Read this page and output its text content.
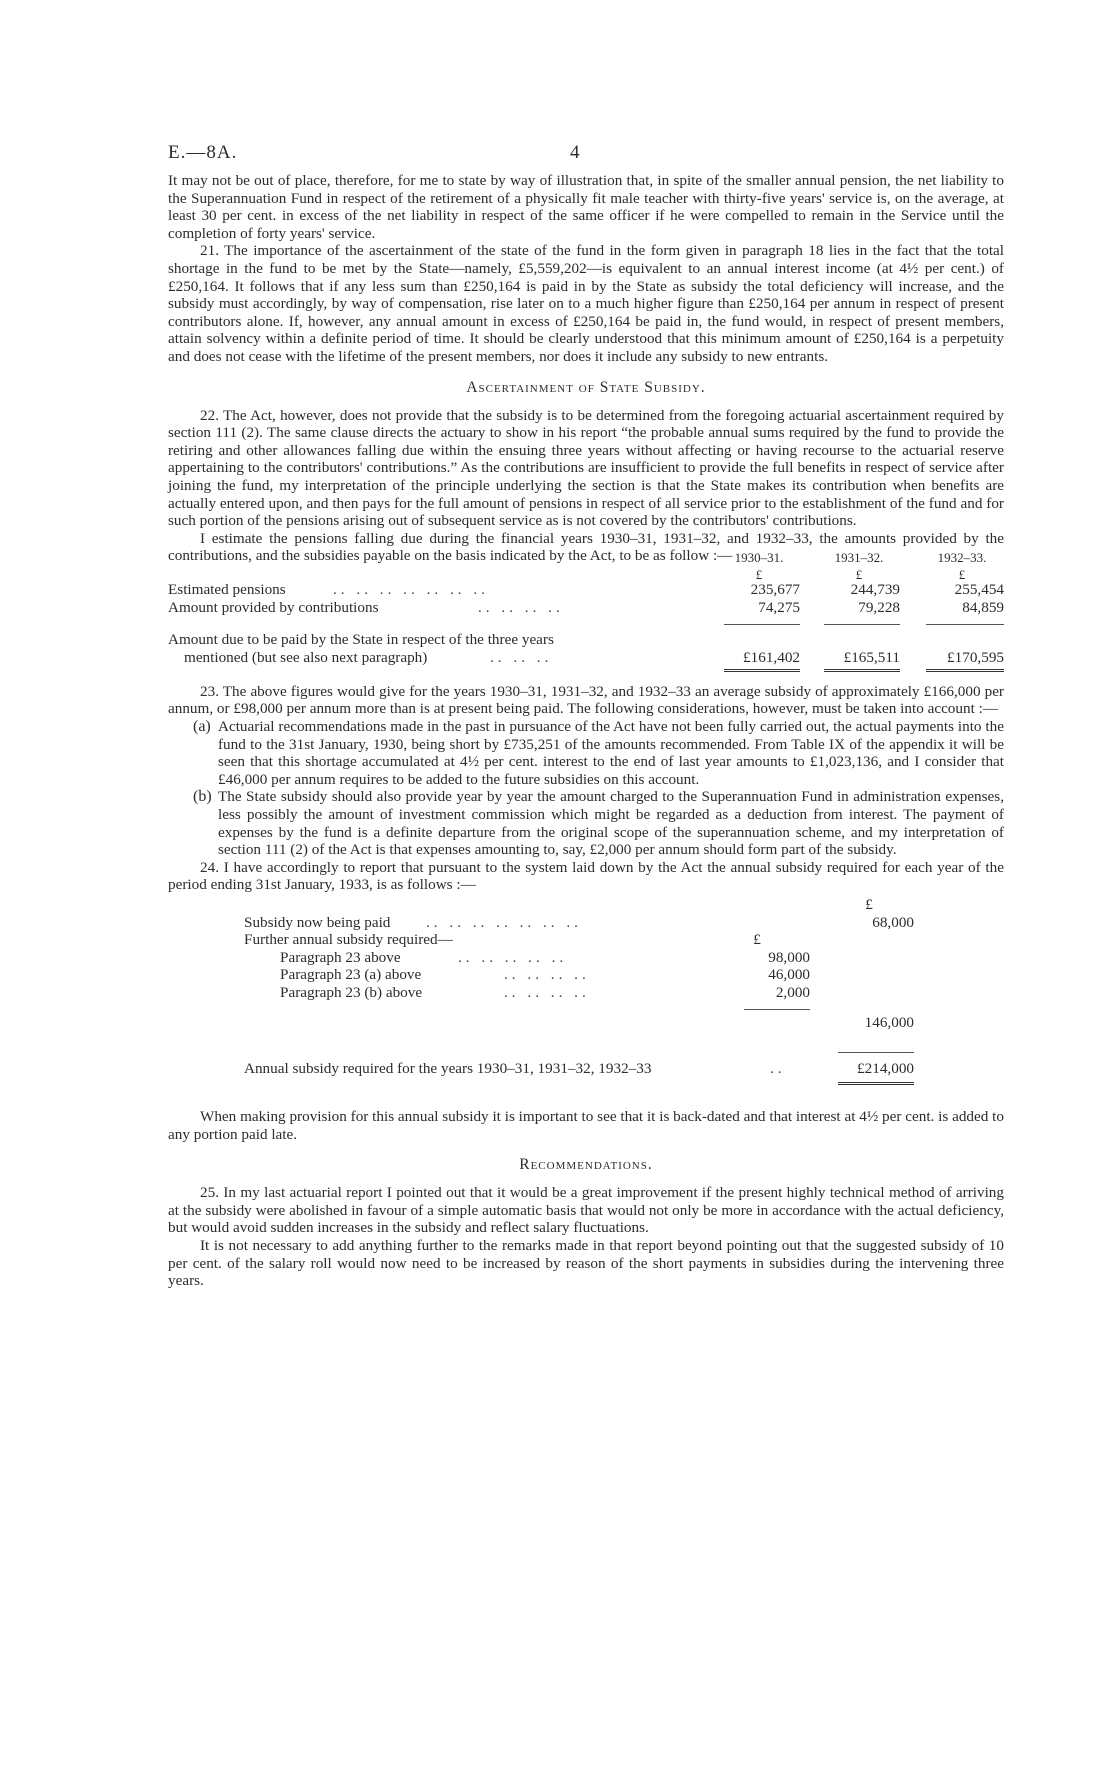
E.—8A.	4

It may not be out of place, therefore, for me to state by way of illustration that, in spite of the smaller annual pension, the net liability to the Superannuation Fund in respect of the retirement of a physically fit male teacher with thirty-five years' service is, on the average, at least 30 per cent. in excess of the net liability in respect of the same officer if he were compelled to remain in the Service until the completion of forty years' service.

21. The importance of the ascertainment of the state of the fund in the form given in paragraph 18 lies in the fact that the total shortage in the fund to be met by the State—namely, £5,559,202—is equivalent to an annual interest income (at 4½ per cent.) of £250,164. It follows that if any less sum than £250,164 is paid in by the State as subsidy the total deficiency will increase, and the subsidy must accordingly, by way of compensation, rise later on to a much higher figure than £250,164 per annum in respect of present contributors alone. If, however, any annual amount in excess of £250,164 be paid in, the fund would, in respect of present members, attain solvency within a definite period of time. It should be clearly understood that this minimum amount of £250,164 is a perpetuity and does not cease with the lifetime of the present members, nor does it include any subsidy to new entrants.

Ascertainment of State Subsidy.

22. The Act, however, does not provide that the subsidy is to be determined from the foregoing actuarial ascertainment required by section 111 (2). The same clause directs the actuary to show in his report “the probable annual sums required by the fund to provide the retiring and other allowances falling due within the ensuing three years without affecting or having recourse to the actuarial reserve appertaining to the contributors' contributions.” As the contributions are insufficient to provide the full benefits in respect of service after joining the fund, my interpretation of the principle underlying the section is that the State makes its contribution when benefits are actually entered upon, and then pays for the full amount of pensions in respect of all service prior to the establishment of the fund and for such portion of the pensions arising out of subsequent service as is not covered by the contributors' contributions.

I estimate the pensions falling due during the financial years 1930–31, 1931–32, and 1932–33, the amounts provided by the contributions, and the subsidies payable on the basis indicated by the Act, to be as follow :— 1930–31.	1931–32.	1932–33.
£	£	£
Estimated pensions	.. .. .. .. .. .. ..	235,677	244,739	255,454
Amount provided by contributions	.. .. .. ..	74,275	79,228	84,859
Amount due to be paid by the State in respect of the three years
mentioned (but see also next paragraph)	.. .. ..	£161,402	£165,511	£170,595

23. The above figures would give for the years 1930–31, 1931–32, and 1932–33 an average subsidy of approximately £166,000 per annum, or £98,000 per annum more than is at present being paid. The following considerations, however, must be taken into account :—

(a) Actuarial recommendations made in the past in pursuance of the Act have not been fully carried out, the actual payments into the fund to the 31st January, 1930, being short by £735,251 of the amounts recommended. From Table IX of the appendix it will be seen that this shortage accumulated at 4½ per cent. interest to the end of last year amounts to £1,023,136, and I consider that £46,000 per annum requires to be added to the future subsidies on this account.

(b) The State subsidy should also provide year by year the amount charged to the Superannuation Fund in administration expenses, less possibly the amount of investment commission which might be regarded as a deduction from interest. The payment of expenses by the fund is a definite departure from the original scope of the superannuation scheme, and my interpretation of section 111 (2) of the Act is that expenses amounting to, say, £2,000 per annum should form part of the subsidy.

24. I have accordingly to report that pursuant to the system laid down by the Act the annual subsidy required for each year of the period ending 31st January, 1933, is as follows :—

£
Subsidy now being paid .. .. .. .. .. .. ..	68,000
Further annual subsidy required—	£
Paragraph 23 above	.. .. .. .. ..	98,000
Paragraph 23 (a) above	.. .. .. ..	46,000
Paragraph 23 (b) above	.. .. .. ..	2,000
146,000
Annual subsidy required for the years 1930–31, 1931–32, 1932–33	..	£214,000

When making provision for this annual subsidy it is important to see that it is back-dated and that interest at 4½ per cent. is added to any portion paid late.

Recommendations.

25. In my last actuarial report I pointed out that it would be a great improvement if the present highly technical method of arriving at the subsidy were abolished in favour of a simple automatic basis that would not only be more in accordance with the actual deficiency, but would avoid sudden increases in the subsidy and reflect salary fluctuations.

It is not necessary to add anything further to the remarks made in that report beyond pointing out that the suggested subsidy of 10 per cent. of the salary roll would now need to be increased by reason of the short payments in subsidies during the intervening three years.
